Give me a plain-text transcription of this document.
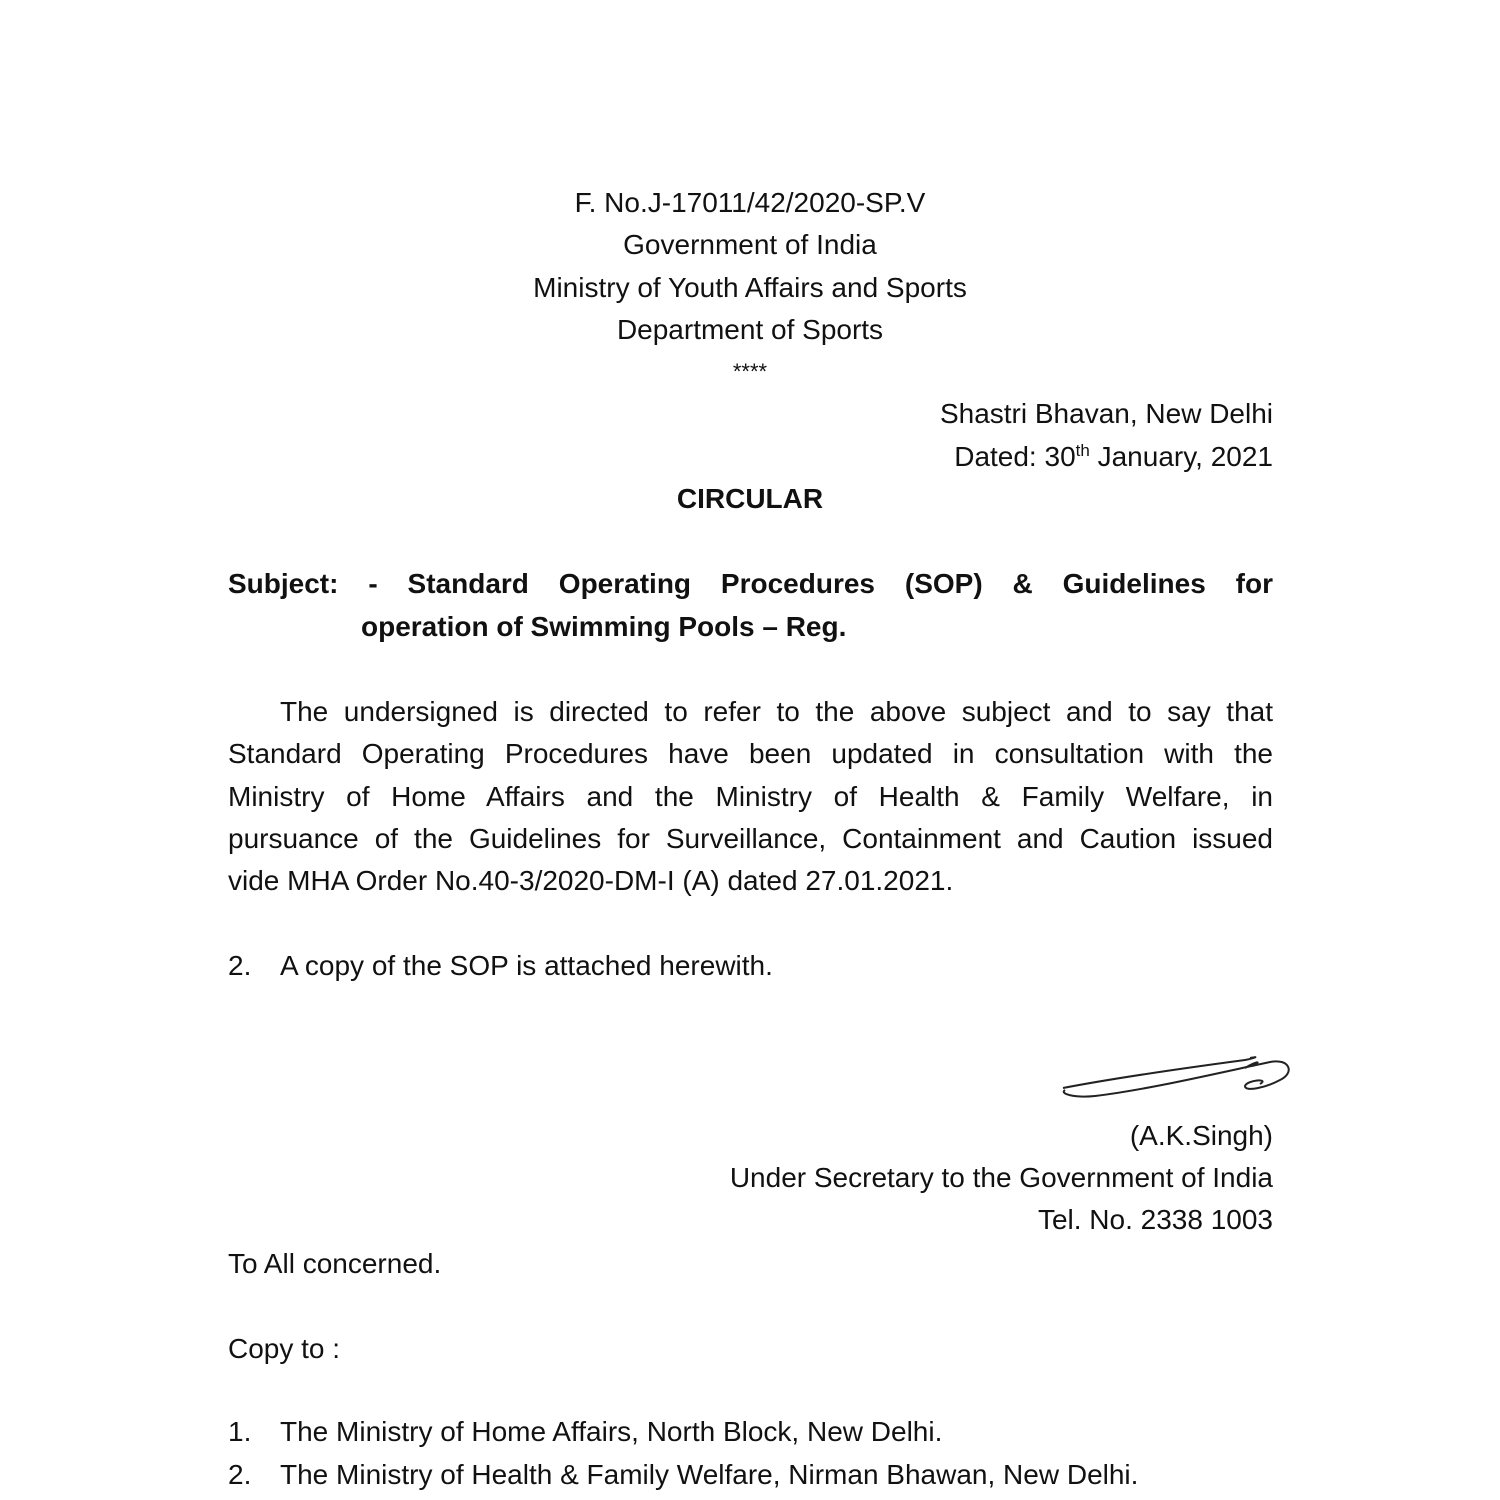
F. No.J-17011/42/2020-SP.V
Government of India
Ministry of Youth Affairs and Sports
Department of Sports
****
Shastri Bhavan, New Delhi
Dated: 30th January, 2021
CIRCULAR
Subject: - Standard Operating Procedures (SOP) & Guidelines for
operation of Swimming Pools – Reg.
The undersigned is directed to refer to the above subject and to say that
Standard Operating Procedures have been updated in consultation with the
Ministry of Home Affairs and the Ministry of Health & Family Welfare, in
pursuance of the Guidelines for Surveillance, Containment and Caution issued
vide MHA Order No.40-3/2020-DM-I (A) dated 27.01.2021.
2. A copy of the SOP is attached herewith.
(A.K.Singh)
Under Secretary to the Government of India
Tel. No. 2338 1003
To All concerned.
Copy to :
1. The Ministry of Home Affairs, North Block, New Delhi.
2. The Ministry of Health & Family Welfare, Nirman Bhawan, New Delhi.
